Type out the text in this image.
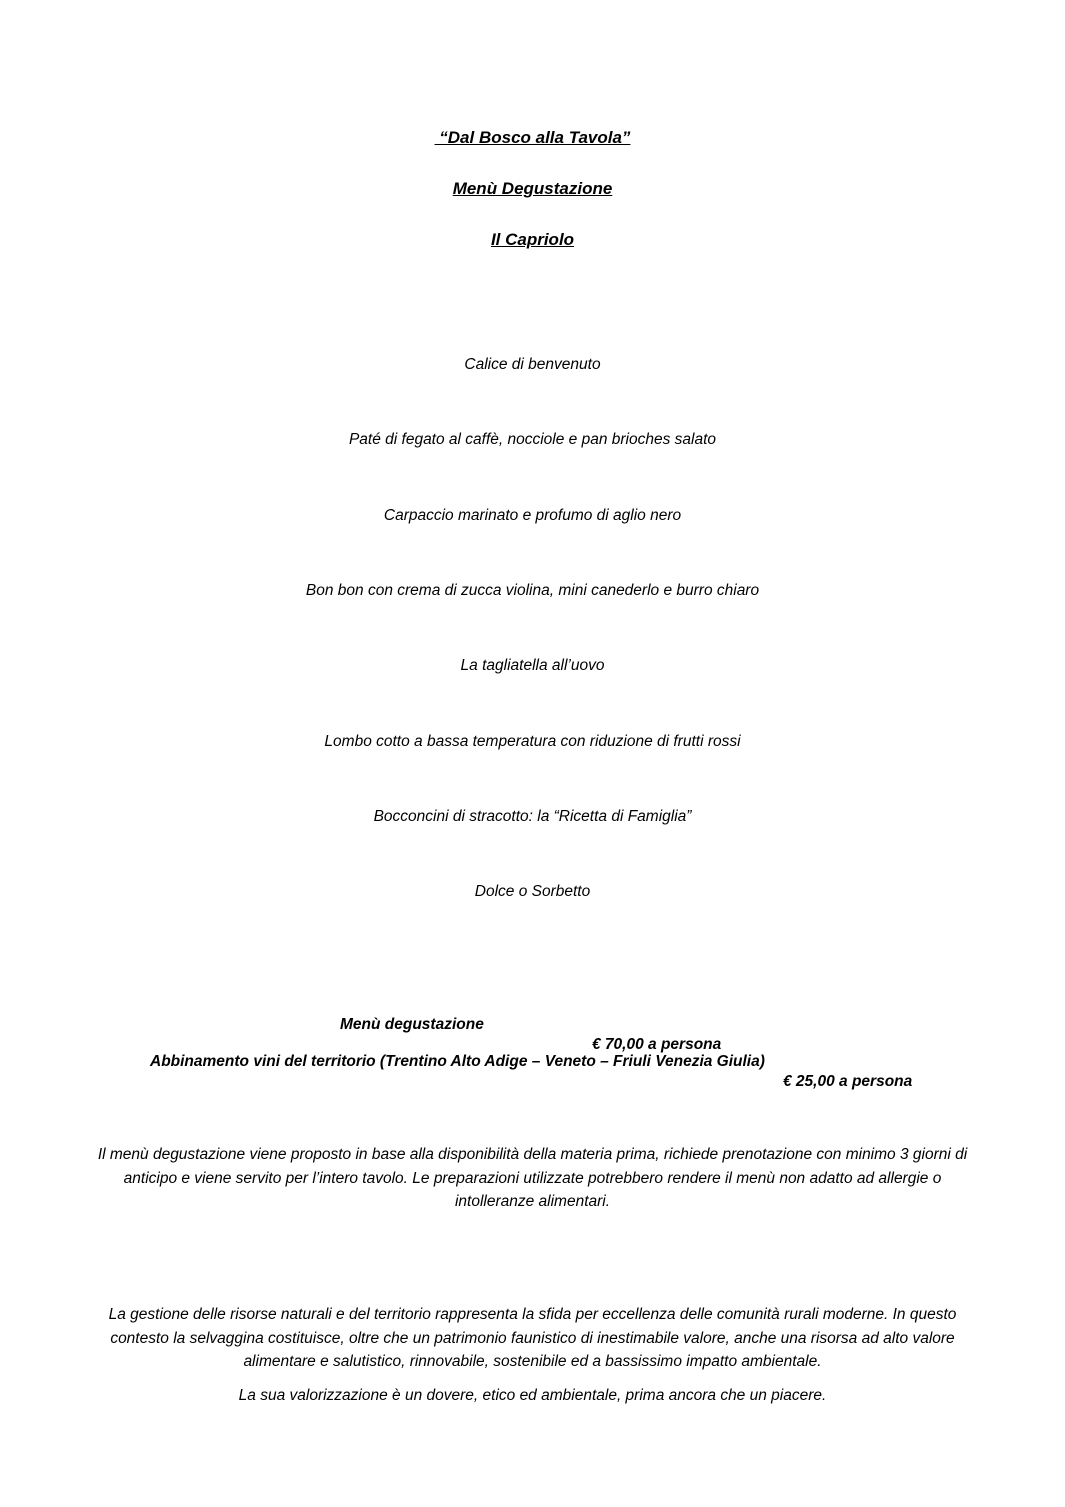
“Dal Bosco alla Tavola”
Menù Degustazione
Il Capriolo
Calice di benvenuto
Paté di fegato al caffè, nocciole e pan brioches salato
Carpaccio marinato e profumo di aglio nero
Bon bon con crema di zucca violina, mini canederlo e burro chiaro
La tagliatella all’uovo
Lombo cotto a bassa temperatura con riduzione di frutti rossi
Bocconcini di stracotto: la “Ricetta di Famiglia”
Dolce o Sorbetto

Menù degustazione

€ 70,00 a persona

Abbinamento vini del territorio (Trentino Alto Adige – Veneto – Friuli Venezia Giulia)

€ 25,00 a persona

Il menù degustazione viene proposto in base alla disponibilità della materia prima, richiede prenotazione con minimo 3 giorni di anticipo e viene servito per l’intero tavolo. Le preparazioni utilizzate potrebbero rendere il menù non adatto ad allergie o intolleranze alimentari.
La gestione delle risorse naturali e del territorio rappresenta la sfida per eccellenza delle comunità rurali moderne. In questo contesto la selvaggina costituisce, oltre che un patrimonio faunistico di inestimabile valore, anche una risorsa ad alto valore alimentare e salutistico, rinnovabile, sostenibile ed a bassissimo impatto ambientale.
La sua valorizzazione è un dovere, etico ed ambientale, prima ancora che un piacere.
